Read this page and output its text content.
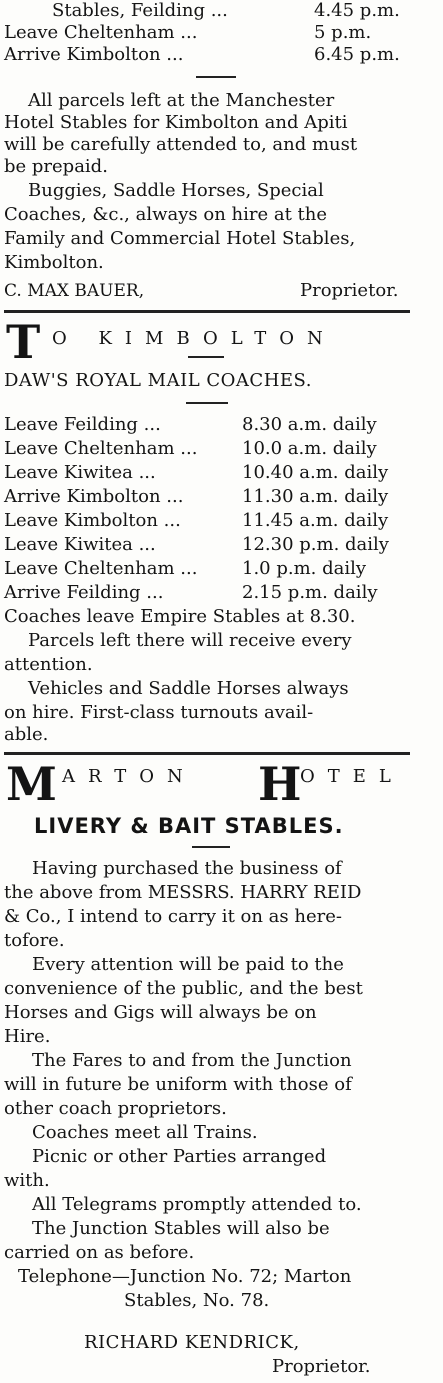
Stables, Feilding ...	4.45 p.m.
Leave Cheltenham ...	5 p.m.
Arrive Kimbolton ...	6.45 p.m.
All parcels left at the Manchester
Hotel Stables for Kimbolton and Apiti
will be carefully attended to, and must
be prepaid.
Buggies, Saddle Horses, Special
Coaches, &c., always on hire at the
Family and Commercial Hotel Stables,
Kimbolton.
C. MAX BAUER,	Proprietor.
T O KIMBOLTON
DAW'S ROYAL MAIL COACHES.
Leave Feilding ...	8.30 a.m. daily
Leave Cheltenham ... 10.0 a.m. daily
Leave Kiwitea ...	10.40 a.m. daily
Arrive Kimbolton ...	11.30 a.m. daily
Leave Kimbolton ...	11.45 a.m. daily
Leave Kiwitea ...	12.30 p.m. daily
Leave Cheltenham ... 1.0 p.m. daily
Arrive Feilding ...	2.15 p.m. daily
Coaches leave Empire Stables at 8.30.
Parcels left there will receive every
attention.
Vehicles and Saddle Horses always
on hire. First-class turnouts avail-
able.
M ARTON H
OTEL
LIVERY & BAIT STABLES.
Having purchased the business of
the above from MESSRS. HARRY REID
& Co., I intend to carry it on as here-
tofore.
Every attention will be paid to the
convenience of the public, and the best
Horses and Gigs will always be on
Hire.
The Fares to and from the Junction
will in future be uniform with those of
other coach proprietors.
Coaches meet all Trains.
Picnic or other Parties arranged
with.
All Telegrams promptly attended to.
The Junction Stables will also be
carried on as before.
Telephone—Junction No. 72; Marton
Stables, No. 78.
RICHARD KENDRICK,
Proprietor.
